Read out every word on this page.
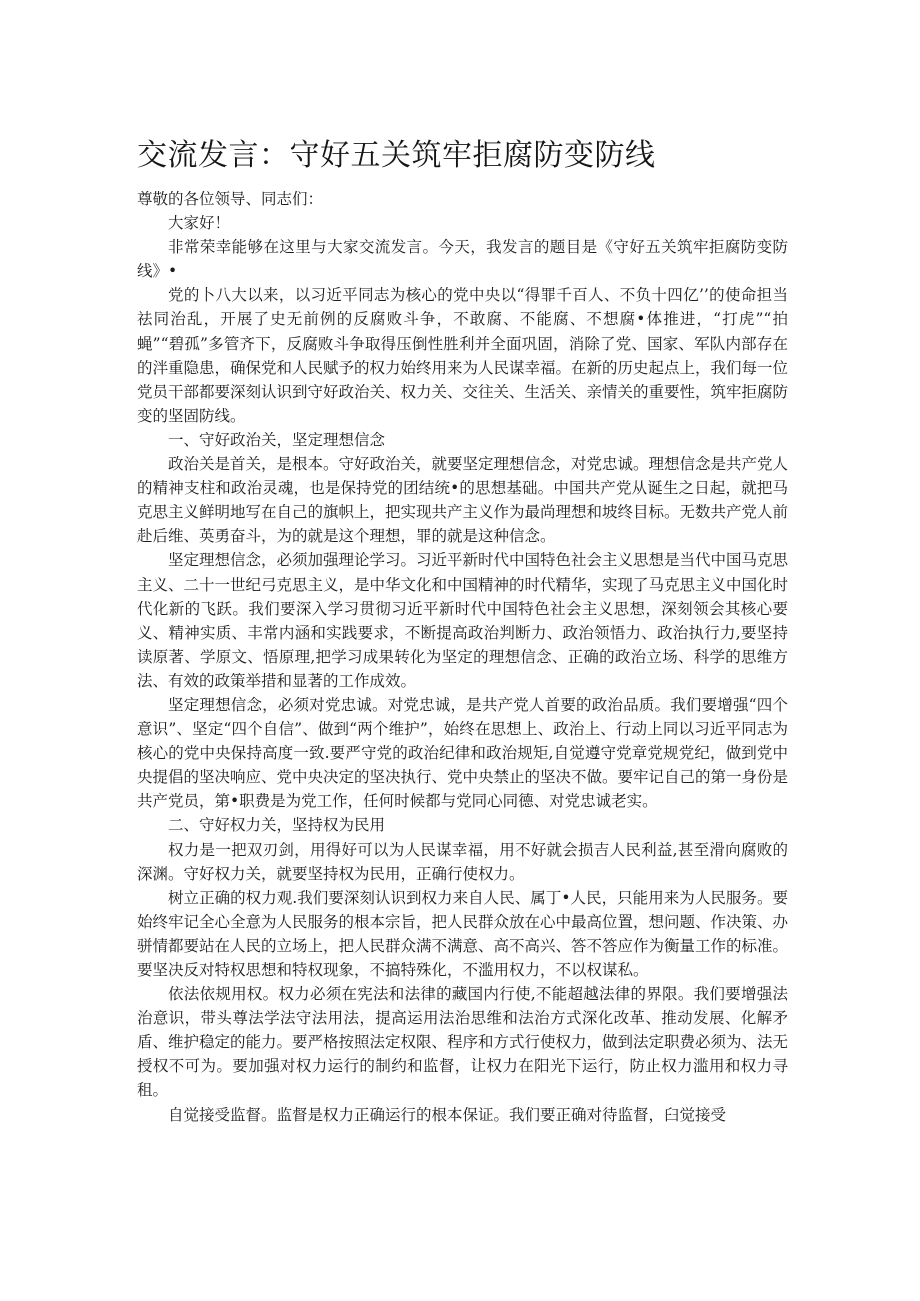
交流发言：守好五关筑牢拒腐防变防线

尊敬的各位领导、同志们：

大家好！

非常荣幸能够在这里与大家交流发言。今天，我发言的题目是《守好五关筑牢拒腐防变防线》•

党的卜八大以来，以习近平同志为核心的党中央以“得罪千百人、不负十四亿’’的使命担当祛同治乱，开展了史无前例的反腐败斗争，不敢腐、不能腐、不想腐•体推进，“打虎”“拍蝇”“碧孤”多管齐下，反腐败斗争取得压倒性胜利并全面巩固，消除了党、国家、军队内部存在的泮重隐患，确保党和人民赋予的权力始终用来为人民谋幸福。在新的历史起点上，我们每一位党员干部都要深刻认识到守好政治关、权力关、交往关、生活关、亲情关的重要性，筑牢拒腐防变的坚固防线。

一、守好政治关，坚定理想信念

政治关是首关，是根本。守好政治关，就要坚定理想信念，对党忠诚。理想信念是共产党人的精神支柱和政治灵魂，也是保持党的团结统•的思想基础。中国共产党从诞生之日起，就把马克思主义鲜明地写在自己的旗帜上，把实现共产主义作为最尚理想和坡终目标。无数共产党人前赴后维、英勇奋斗，为的就是这个理想，罪的就是这种信念。

坚定理想信念，必须加强理论学习。习近平新时代中国特色社会主义思想是当代中国马克思主义、二十一世纪弓克思主义，是中华文化和中国精神的时代精华，实现了马克思主义中国化时代化新的飞跃。我们要深入学习贯彻习近平新时代中国特色社会主义思想，深刻领会其核心要义、精神实质、丰常内涵和实践要求，不断提高政治判断力、政治领悟力、政治执行力,要坚持读原著、学原文、悟原理,把学习成果转化为坚定的理想信念、正确的政治立场、科学的思维方法、有效的政策举措和显著的工作成效。

坚定理想信念，必须对党忠诚。对党忠诚，是共产党人首要的政治品质。我们要增强“四个意识”、坚定“四个自信”、做到“两个维护”，始终在思想上、政治上、行动上同以习近平同志为核心的党中央保持高度一致.要严守党的政治纪律和政治规矩,自觉遵守党章党规党纪，做到党中央提倡的坚决响应、党中央决定的坚决执行、党中央禁止的坚决不做。要牢记自己的第一身份是共产党员，第•职费是为党工作，任何时候都与党同心同德、对党忠诚老实。

二、守好权力关，坚持权为民用

权力是一把双刃剑，用得好可以为人民谋幸福，用不好就会损吉人民利益,甚至滑向腐败的深渊。守好权力关，就要坚持权为民用，正确行使权力。

树立正确的权力观.我们要深刻认识到权力来自人民、属丁•人民，只能用来为人民服务。要始终牢记全心全意为人民服务的根本宗旨，把人民群众放在心中最高位置，想问题、作决策、办骈情都要站在人民的立场上，把人民群众满不满意、高不高兴、答不答应作为衡量工作的标准。要坚决反对特权思想和特权现象，不搞特殊化，不滥用权力，不以权谋私。

依法依规用权。权力必须在宪法和法律的藏国内行使,不能超越法律的界限。我们要增强法治意识，带头尊法学法守法用法，提高运用法治思维和法治方式深化改革、推动发展、化解矛盾、维护稳定的能力。要严格按照法定权限、程序和方式行使权力，做到法定职费必须为、法无授权不可为。要加强对权力运行的制约和监督，让权力在阳光下运行，防止权力滥用和权力寻租。

自觉接受监督。监督是权力正确运行的根本保证。我们要正确对待监督，臼觉接受
